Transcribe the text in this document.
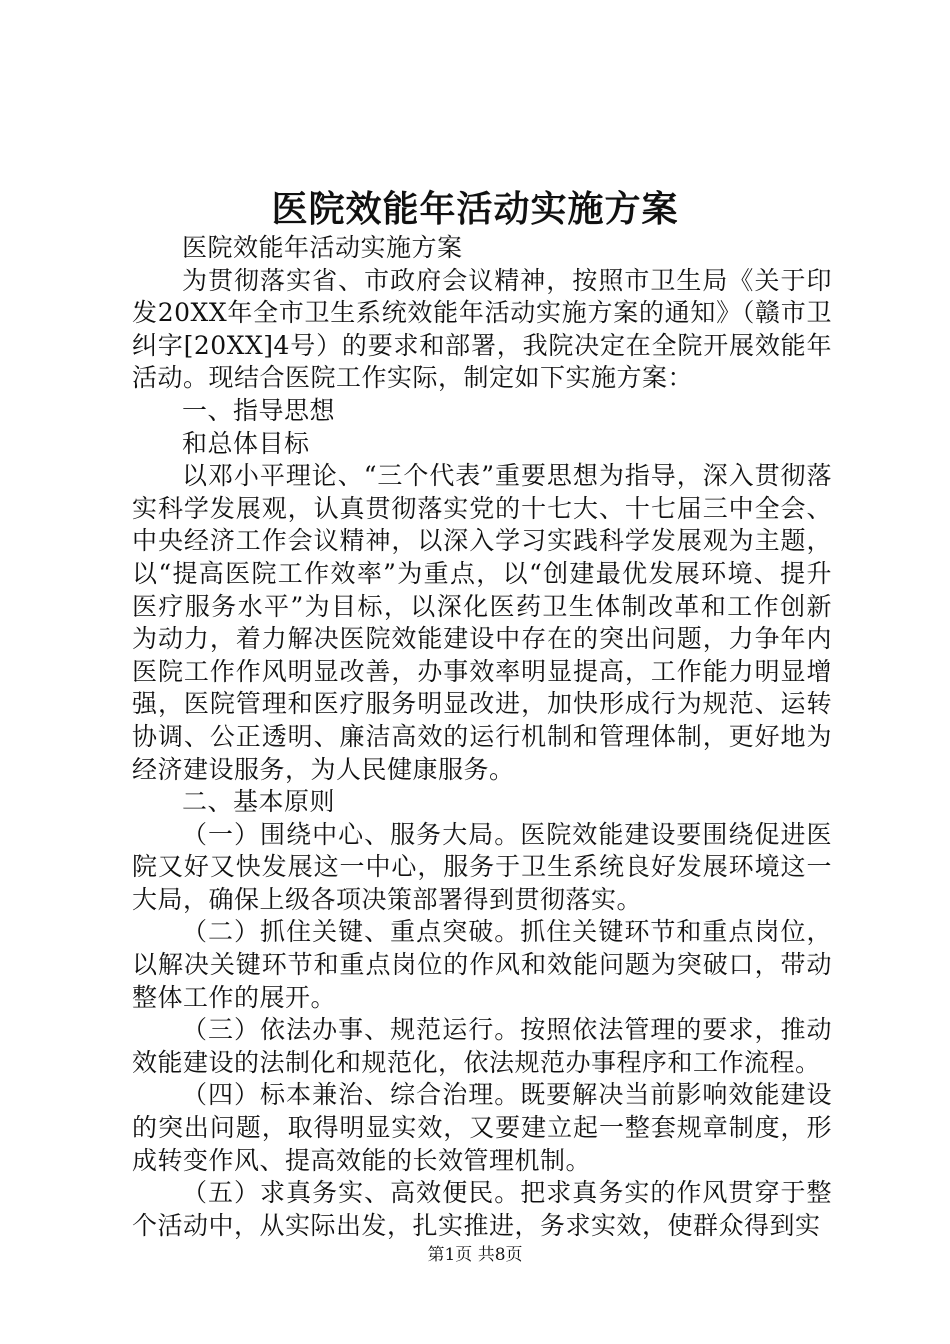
医院效能年活动实施方案

医院效能年活动实施方案

为贯彻落实省、市政府会议精神，按照市卫生局《关于印发20XX年全市卫生系统效能年活动实施方案的通知》（赣市卫纠字[20XX]4号）的要求和部署，我院决定在全院开展效能年活动。现结合医院工作实际，制定如下实施方案：

一、指导思想

和总体目标

以邓小平理论、“三个代表”重要思想为指导，深入贯彻落实科学发展观，认真贯彻落实党的十七大、十七届三中全会、中央经济工作会议精神，以深入学习实践科学发展观为主题，以“提高医院工作效率”为重点，以“创建最优发展环境、提升医疗服务水平”为目标，以深化医药卫生体制改革和工作创新为动力，着力解决医院效能建设中存在的突出问题，力争年内医院工作作风明显改善，办事效率明显提高，工作能力明显增强，医院管理和医疗服务明显改进，加快形成行为规范、运转协调、公正透明、廉洁高效的运行机制和管理体制，更好地为经济建设服务，为人民健康服务。

二、基本原则

（一）围绕中心、服务大局。医院效能建设要围绕促进医院又好又快发展这一中心，服务于卫生系统良好发展环境这一大局，确保上级各项决策部署得到贯彻落实。

（二）抓住关键、重点突破。抓住关键环节和重点岗位，以解决关键环节和重点岗位的作风和效能问题为突破口，带动整体工作的展开。

（三）依法办事、规范运行。按照依法管理的要求，推动效能建设的法制化和规范化，依法规范办事程序和工作流程。

（四）标本兼治、综合治理。既要解决当前影响效能建设的突出问题，取得明显实效，又要建立起一整套规章制度，形成转变作风、提高效能的长效管理机制。

（五）求真务实、高效便民。把求真务实的作风贯穿于整个活动中，从实际出发，扎实推进，务求实效，使群众得到实

第1页 共8页
